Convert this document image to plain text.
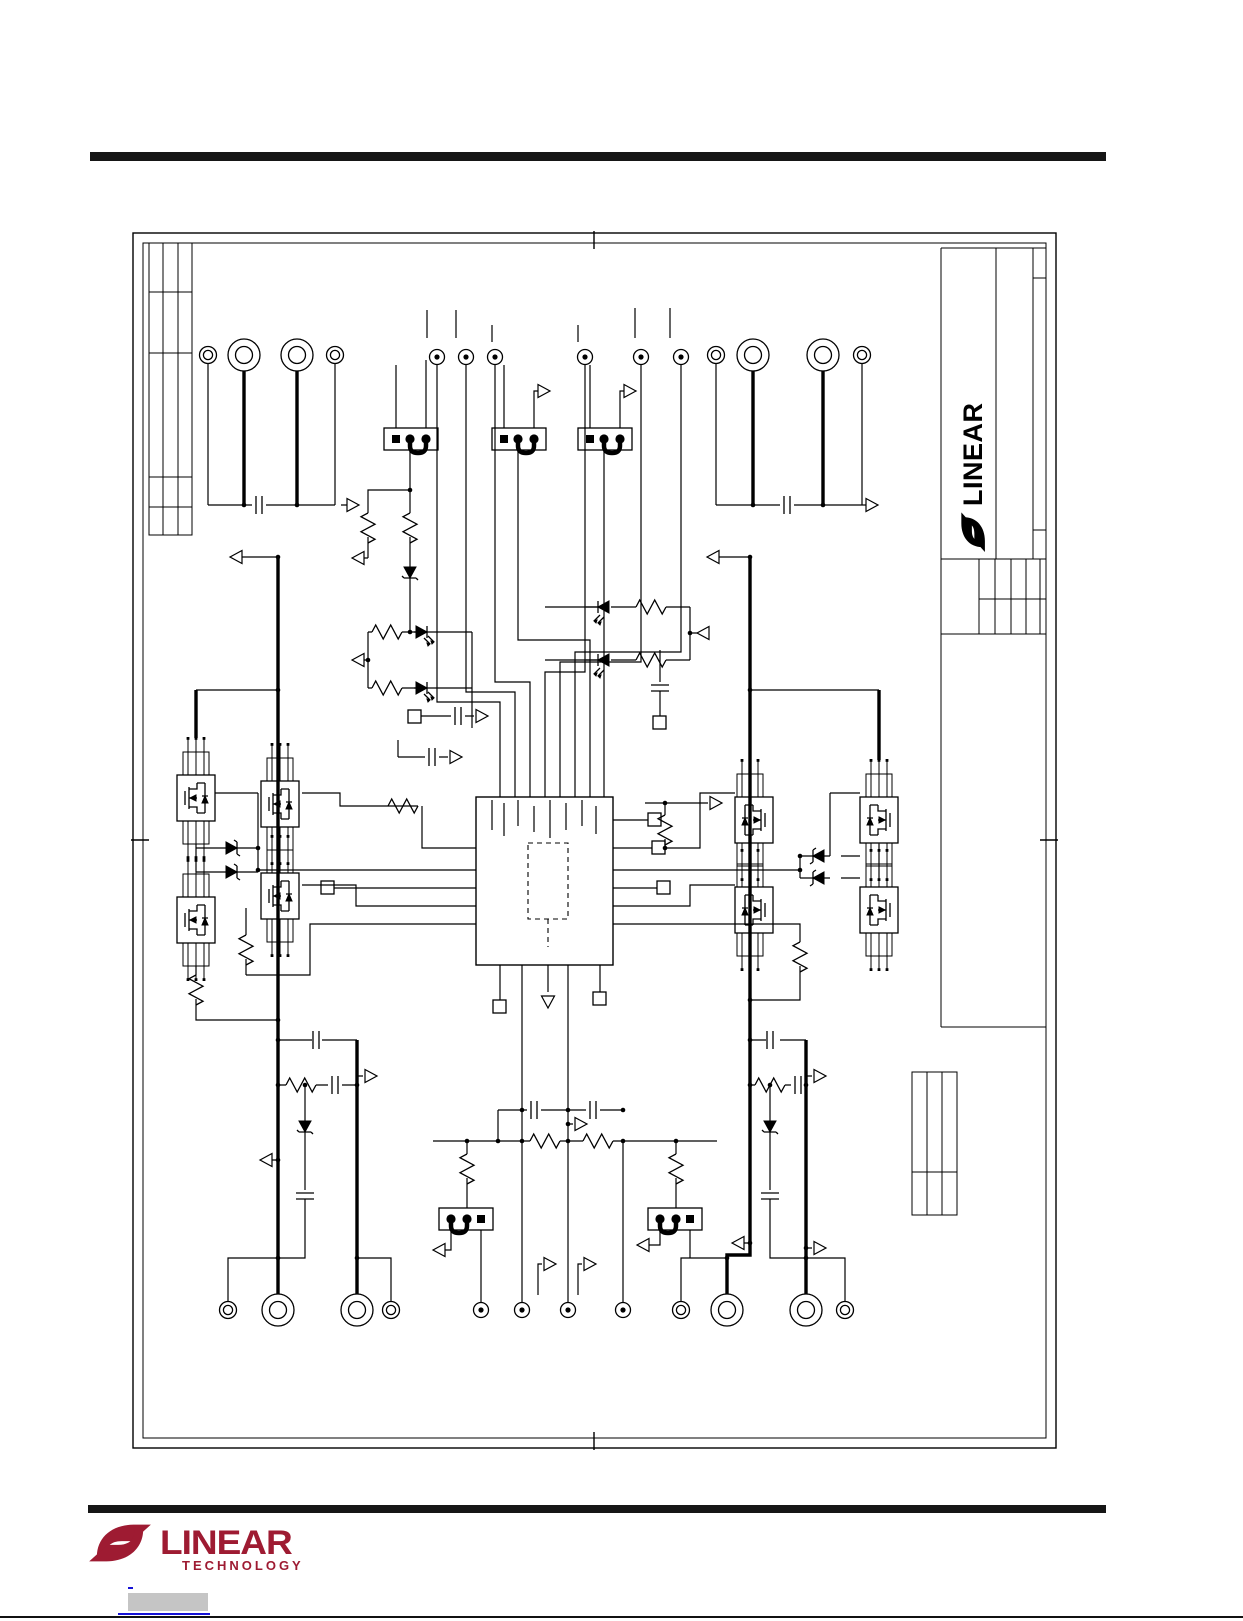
LINEAR
LINEAR
TECHNOLOGY
